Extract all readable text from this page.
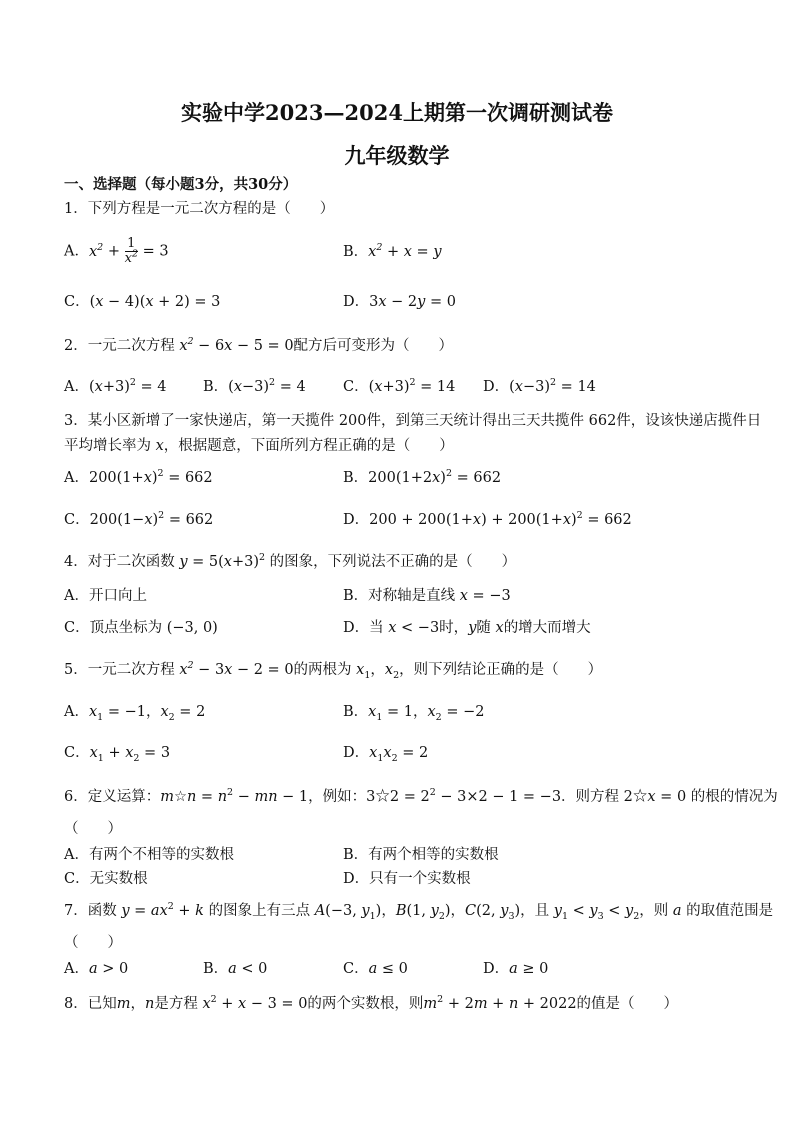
实验中学2023—2024上期第一次调研测试卷
九年级数学
一、选择题（每小题3分，共30分）
1．下列方程是一元二次方程的是（　　）
A．$x^2 + \frac{1}{x^2} = 3$	B．$x^2 + x = y$
C．(x − 4)(x + 2) = 3	D．3x − 2y = 0
2．一元二次方程 $x^2 - 6x - 5 = 0$配方后可变形为（　　）
A．$(x+3)^2 = 4$	B．$(x-3)^2 = 4$	C．$(x+3)^2 = 14$ D．$(x-3)^2 = 14$
3．某小区新增了一家快递店，第一天揽件 200件，到第三天统计得出三天共揽件 662件，设该快递店揽件日
平均增长率为 x，根据题意，下面所列方程正确的是（　　）
A．$200(1+x)^2 = 662$	B．$200(1+2x)^2 = 662$
C．$200(1-x)^2 = 662$	D．$200 + 200(1+x) + 200(1+x)^2 = 662$
4．对于二次函数 $y = 5(x+3)^2$ 的图象，下列说法不正确的是（　　）
A．开口向上	B．对称轴是直线 x = −3
C．顶点坐标为 (−3, 0)	D．当 x < −3时，y随 x的增大而增大
5．一元二次方程 $x^2 - 3x - 2 = 0$的两根为 $x_1$，$x_2$，则下列结论正确的是（　　）
A．$x_1 = -1$，$x_2 = 2$	B．$x_1 = 1$，$x_2 = -2$
C．$x_1 + x_2 = 3$	D．$x_1x_2 = 2$
6．定义运算：m☆n = $n^2$ − mn − 1，例如：3☆2 = $2^2 - 3\times 2 - 1 = -3$．则方程 2☆x = 0 的根的情况为
（　　）
A．有两个不相等的实数根	B．有两个相等的实数根
C．无实数根	D．只有一个实数根
7．函数 $y = ax^2 + k$ 的图象上有三点 A(−3, $y_1$)，B(1, $y_2$)，C(2, $y_3$)，且 $y_1 < y_3 < y_2$，则 a 的取值范围是
（　　）
A．a > 0	B．a < 0	C．a ≤ 0	D．a ≥ 0
8．已知m，n是方程 $x^2 + x - 3 = 0$的两个实数根，则$m^2 + 2m + n + 2022$的值是（　　）
